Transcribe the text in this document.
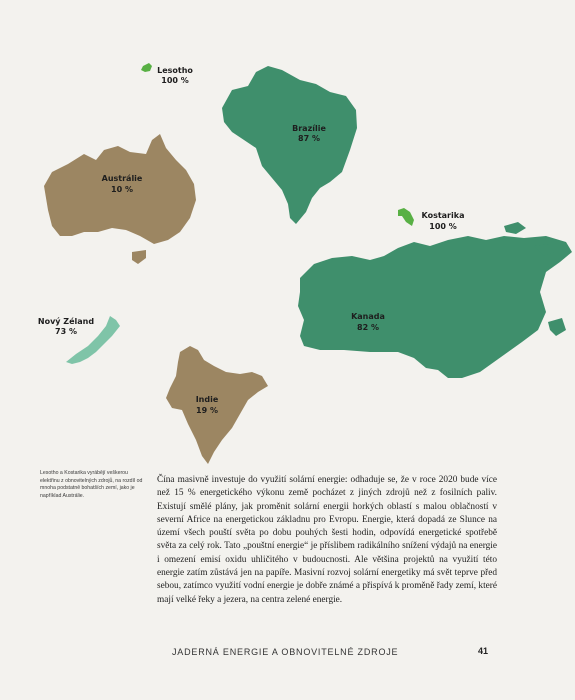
Lesotho
100 %
Brazílie
87 %
Austrálie
10 %
Kostarika
100 %
Kanada
82 %
Nový Zéland
73 %
Indie
19 %
Lesotho a Kostarika vyrábějí veškerou elektřinu z obnovitelných zdrojů, na rozdíl od mnoha podstatně bohatších zemí, jako je například Austrálie.

Čína masivně investuje do využití solární energie: odhaduje se, že v roce 2020 bude více než 15 % energetického výkonu země pocházet z jiných zdrojů než z fosilních paliv. Existují smělé plány, jak proměnit solární energii horkých oblastí s malou oblačností v severní Africe na energetickou základnu pro Evropu. Energie, která dopadá ze Slunce na území všech pouští světa po dobu pouhých šesti hodin, odpovídá energetické spotřebě světa za celý rok. Tato „pouštní energie“ je příslibem radikálního snížení výdajů na energie i omezení emisí oxidu uhličitého v budoucnosti. Ale většina projektů na využití této energie zatím zůstává jen na papíře. Masivní rozvoj solární energetiky má svět teprve před sebou, zatímco využití vodní energie je dobře známé a přispívá k proměně řady zemí, které mají velké řeky a jezera, na centra zelené energie.

JADERNÁ ENERGIE A OBNOVITELNÉ ZDROJE	41
